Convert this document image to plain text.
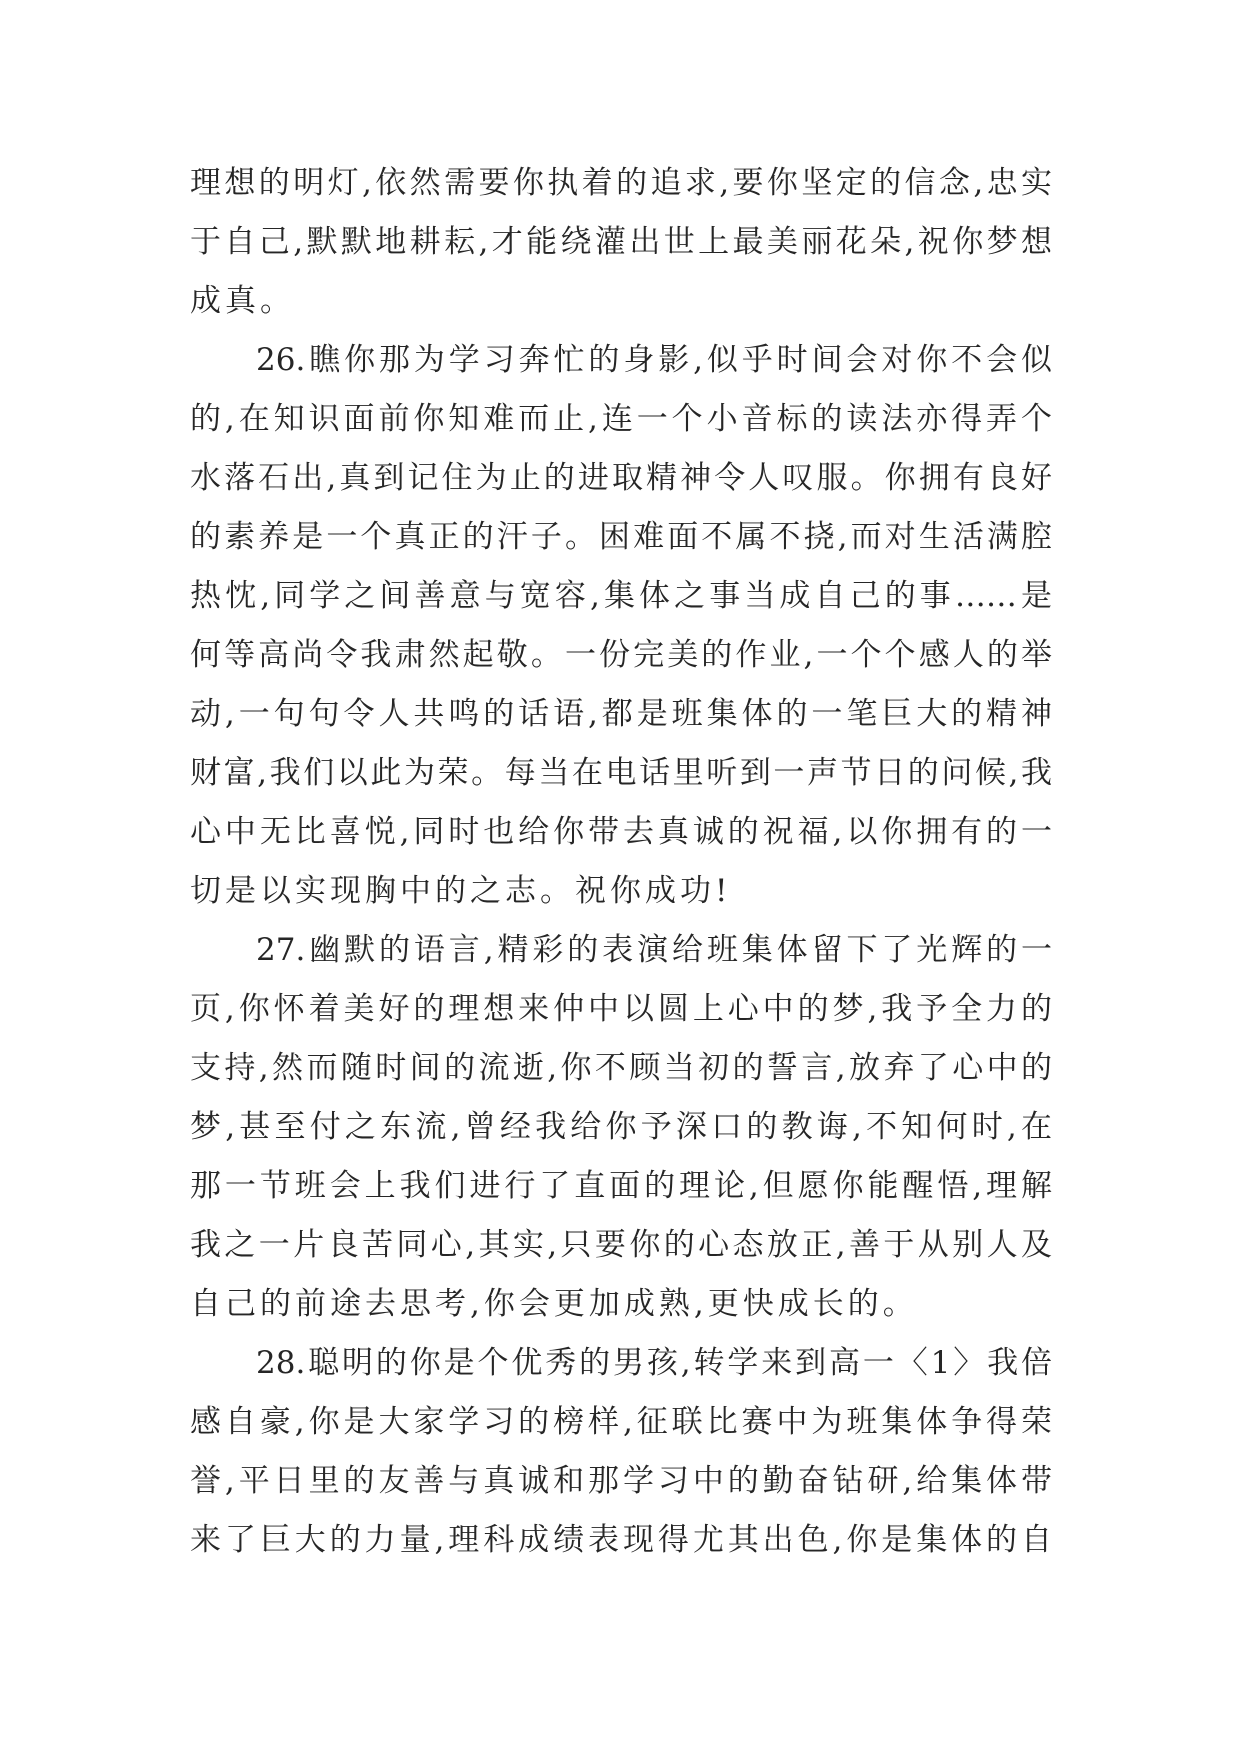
理想的明灯,依然需要你执着的追求,要你坚定的信念,忠实
于自己,默默地耕耘,才能绕灌出世上最美丽花朵,祝你梦想
成真。
26.瞧你那为学习奔忙的身影,似乎时间会对你不会似
的,在知识面前你知难而止,连一个小音标的读法亦得弄个
水落石出,真到记住为止的进取精神令人叹服。你拥有良好
的素养是一个真正的汗子。困难面不属不挠,而对生活满腔
热忱,同学之间善意与宽容,集体之事当成自己的事……是
何等高尚令我肃然起敬。一份完美的作业,一个个感人的举
动,一句句令人共鸣的话语,都是班集体的一笔巨大的精神
财富,我们以此为荣。每当在电话里听到一声节日的问候,我
心中无比喜悦,同时也给你带去真诚的祝福,以你拥有的一
切是以实现胸中的之志。祝你成功!
27.幽默的语言,精彩的表演给班集体留下了光辉的一
页,你怀着美好的理想来仲中以圆上心中的梦,我予全力的
支持,然而随时间的流逝,你不顾当初的誓言,放弃了心中的
梦,甚至付之东流,曾经我给你予深口的教诲,不知何时,在
那一节班会上我们进行了直面的理论,但愿你能醒悟,理解
我之一片良苦同心,其实,只要你的心态放正,善于从别人及
自己的前途去思考,你会更加成熟,更快成长的。
28.聪明的你是个优秀的男孩,转学来到高一〈1〉我倍
感自豪,你是大家学习的榜样,征联比赛中为班集体争得荣
誉,平日里的友善与真诚和那学习中的勤奋钻研,给集体带
来了巨大的力量,理科成绩表现得尤其出色,你是集体的自
